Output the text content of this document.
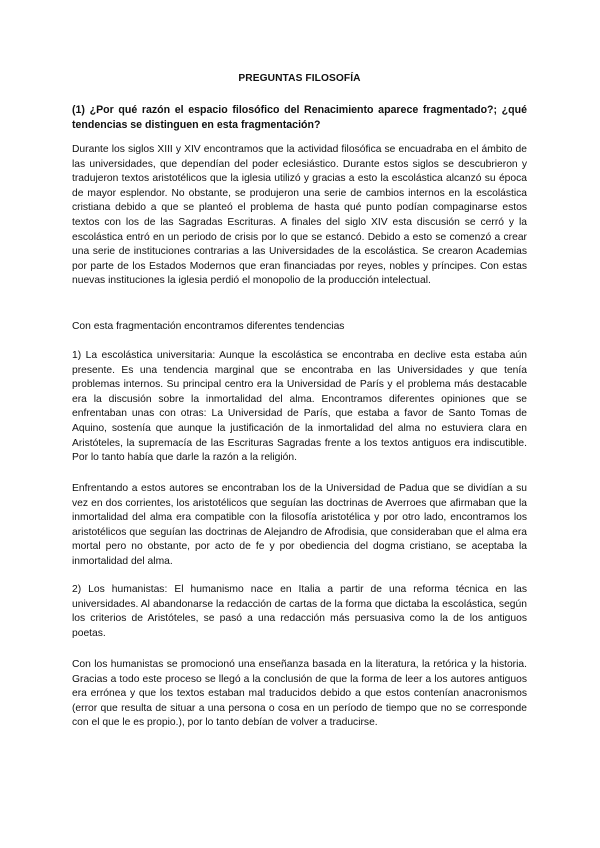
PREGUNTAS FILOSOFÍA
(1) ¿Por qué razón el espacio filosófico del Renacimiento aparece fragmentado?; ¿qué tendencias se distinguen en esta fragmentación?

Durante los siglos XIII y XIV encontramos que la actividad filosófica se encuadraba en el ámbito de las universidades, que dependían del poder eclesiástico. Durante estos siglos se descubrieron y tradujeron textos aristotélicos que la iglesia utilizó y gracias a esto la escolástica alcanzó su época de mayor esplendor. No obstante, se produjeron una serie de cambios internos en la escolástica cristiana debido a que se planteó el problema de hasta qué punto podían compaginarse estos textos con los de las Sagradas Escrituras. A finales del siglo XIV esta discusión se cerró y la escolástica entró en un periodo de crisis por lo que se estancó. Debido a esto se comenzó a crear una serie de instituciones contrarias a las Universidades de la escolástica. Se crearon Academias por parte de los Estados Modernos que eran financiadas por reyes, nobles y príncipes. Con estas nuevas instituciones la iglesia perdió el monopolio de la producción intelectual.

Con esta fragmentación encontramos diferentes tendencias

1) La escolástica universitaria: Aunque la escolástica se encontraba en declive esta estaba aún presente. Es una tendencia marginal que se encontraba en las Universidades y que tenía problemas internos. Su principal centro era la Universidad de París y el problema más destacable era la discusión sobre la inmortalidad del alma. Encontramos diferentes opiniones que se enfrentaban unas con otras: La Universidad de París, que estaba a favor de Santo Tomas de Aquino, sostenía que aunque la justificación de la inmortalidad del alma no estuviera clara en Aristóteles, la supremacía de las Escrituras Sagradas frente a los textos antiguos era indiscutible. Por lo tanto había que darle la razón a la religión.

Enfrentando a estos autores se encontraban los de la Universidad de Padua que se dividían a su vez en dos corrientes, los aristotélicos que seguían las doctrinas de Averroes que afirmaban que la inmortalidad del alma era compatible con la filosofía aristotélica y por otro lado, encontramos los aristotélicos que seguían las doctrinas de Alejandro de Afrodisia, que consideraban que el alma era mortal pero no obstante, por acto de fe y por obediencia del dogma cristiano, se aceptaba la inmortalidad del alma.

2) Los humanistas: El humanismo nace en Italia a partir de una reforma técnica en las universidades. Al abandonarse la redacción de cartas de la forma que dictaba la escolástica, según los criterios de Aristóteles, se pasó a una redacción más persuasiva como la de los antiguos poetas.

Con los humanistas se promocionó una enseñanza basada en la literatura, la retórica y la historia. Gracias a todo este proceso se llegó a la conclusión de que la forma de leer a los autores antiguos era errónea y que los textos estaban mal traducidos debido a que estos contenían anacronismos (error que resulta de situar a una persona o cosa en un período de tiempo que no se corresponde con el que le es propio.), por lo tanto debían de volver a traducirse.
